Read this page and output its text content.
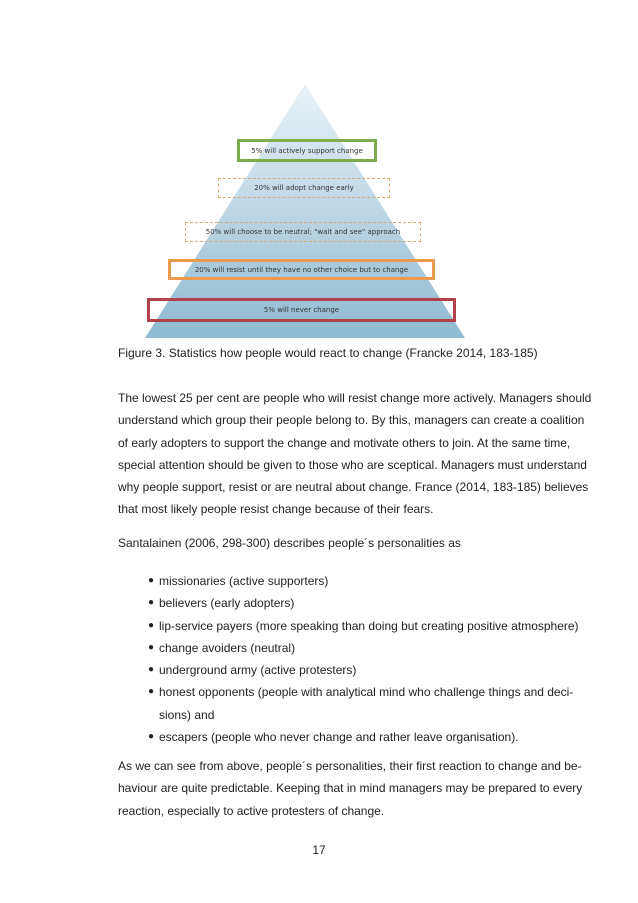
5% will actively support change
20% will adopt change early
50% will choose to be neutral; "wait and see" approach
20% will resist until they have no other choice but to change
5% will never change
Figure 3. Statistics how people would react to change (Francke 2014, 183-185)

The lowest 25 per cent are people who will resist change more actively. Managers should
understand which group their people belong to. By this, managers can create a coalition
of early adopters to support the change and motivate others to join. At the same time,
special attention should be given to those who are sceptical. Managers must understand
why people support, resist or are neutral about change. France (2014, 183-185) believes
that most likely people resist change because of their fears.

Santalainen (2006, 298-300) describes people´s personalities as

● missionaries (active supporters)
● believers (early adopters)
● lip-service payers (more speaking than doing but creating positive atmosphere)
● change avoiders (neutral)
● underground army (active protesters)
● honest opponents (people with analytical mind who challenge things and deci-
sions) and
● escapers (people who never change and rather leave organisation).

As we can see from above, people´s personalities, their first reaction to change and be-
haviour are quite predictable. Keeping that in mind managers may be prepared to every
reaction, especially to active protesters of change.

17
